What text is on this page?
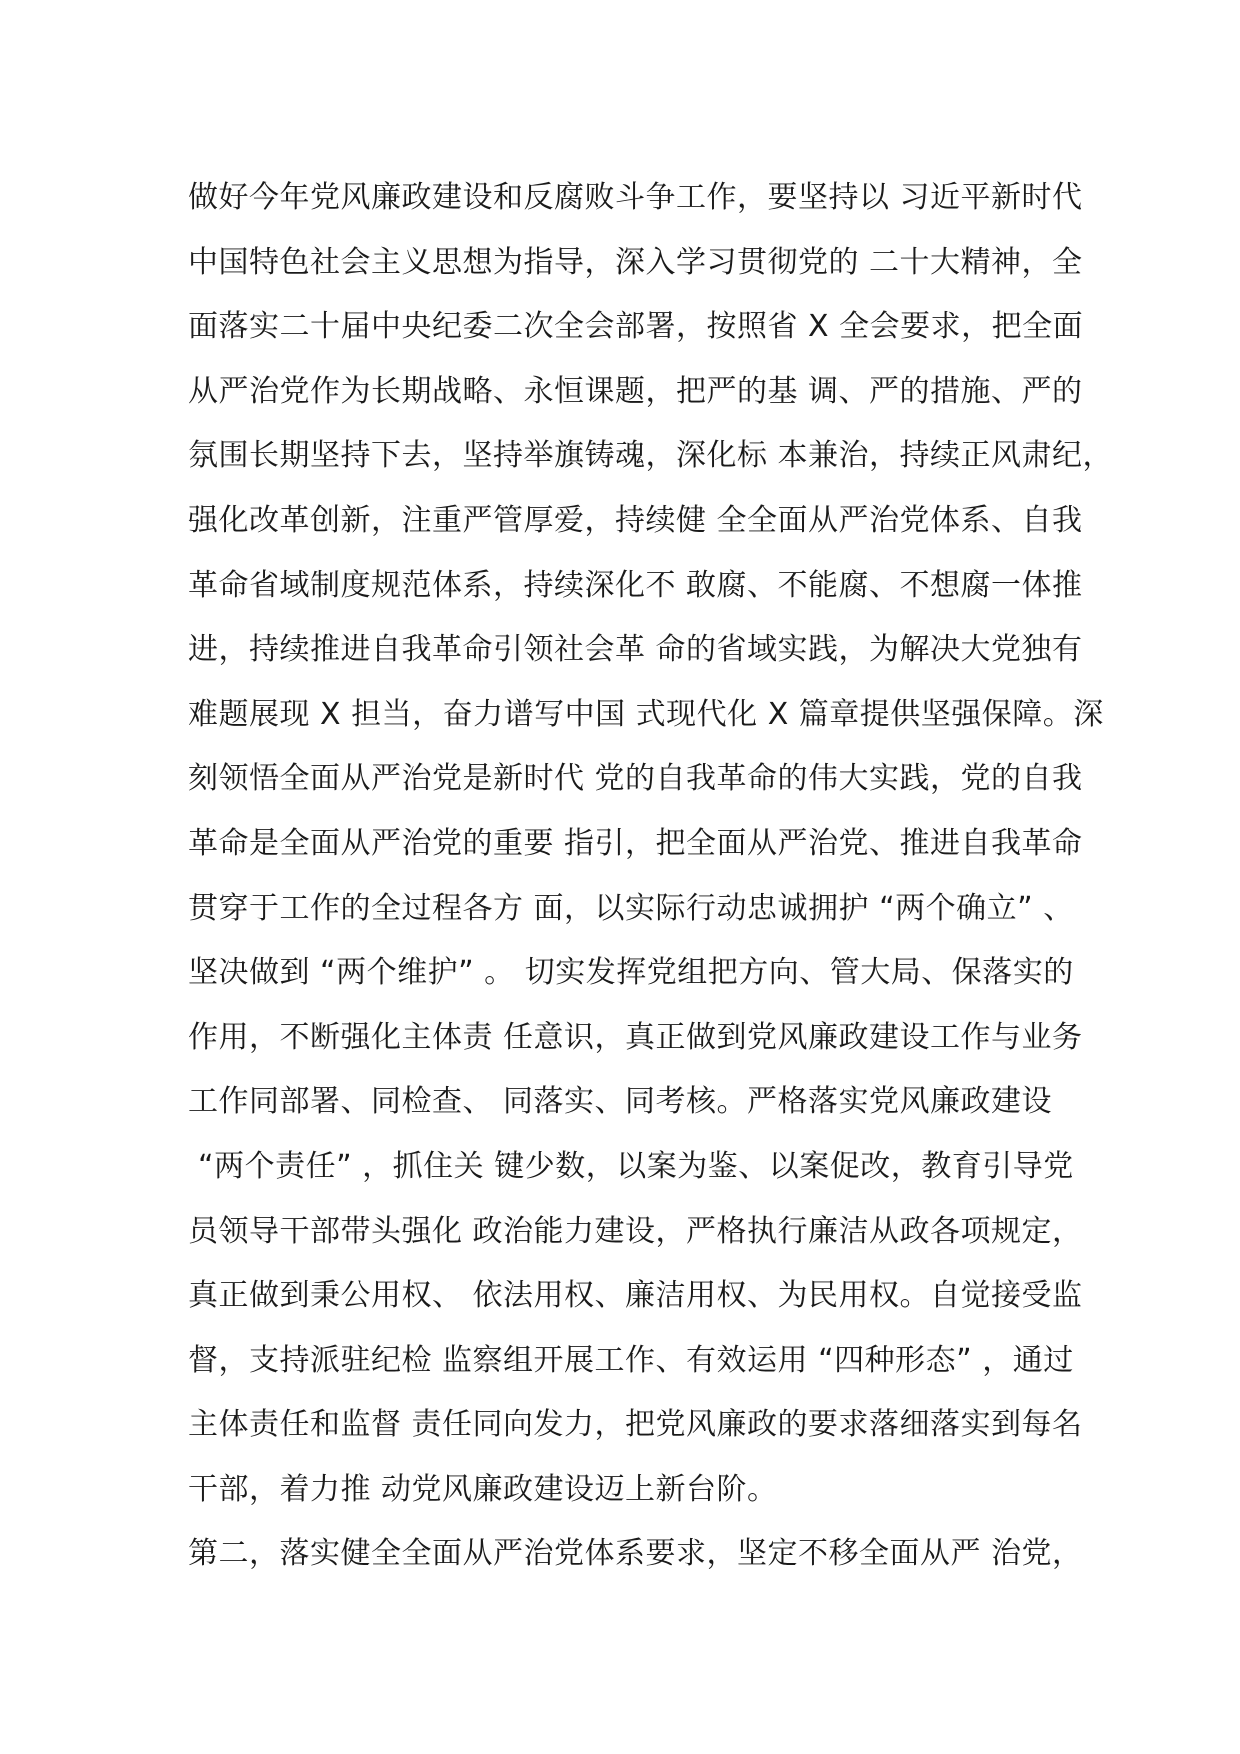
做好今年党风廉政建设和反腐败斗争工作，要坚持以 习近平新时代
中国特色社会主义思想为指导，深入学习贯彻党的 二十大精神，全
面落实二十届中央纪委二次全会部署，按照省 X 全会要求，把全面
从严治党作为长期战略、永恒课题，把严的基 调、严的措施、严的
氛围长期坚持下去，坚持举旗铸魂，深化标 本兼治，持续正风肃纪，
强化改革创新，注重严管厚爱，持续健 全全面从严治党体系、自我
革命省域制度规范体系，持续深化不 敢腐、不能腐、不想腐一体推
进，持续推进自我革命引领社会革 命的省域实践，为解决大党独有
难题展现 X 担当，奋力谱写中国 式现代化 X 篇章提供坚强保障。深
刻领悟全面从严治党是新时代 党的自我革命的伟大实践，党的自我
革命是全面从严治党的重要 指引，把全面从严治党、推进自我革命
贯穿于工作的全过程各方 面，以实际行动忠诚拥护 “两个确立” 、
坚决做到 “两个维护” 。 切实发挥党组把方向、管大局、保落实的
作用，不断强化主体责 任意识，真正做到党风廉政建设工作与业务
工作同部署、同检查、 同落实、同考核。严格落实党风廉政建设
“两个责任” ，抓住关 键少数，以案为鉴、以案促改，教育引导党
员领导干部带头强化 政治能力建设，严格执行廉洁从政各项规定，
真正做到秉公用权、 依法用权、廉洁用权、为民用权。自觉接受监
督，支持派驻纪检 监察组开展工作、有效运用 “四种形态” ，通过
主体责任和监督 责任同向发力，把党风廉政的要求落细落实到每名
干部，着力推 动党风廉政建设迈上新台阶。
第二，落实健全全面从严治党体系要求，坚定不移全面从严 治党，
